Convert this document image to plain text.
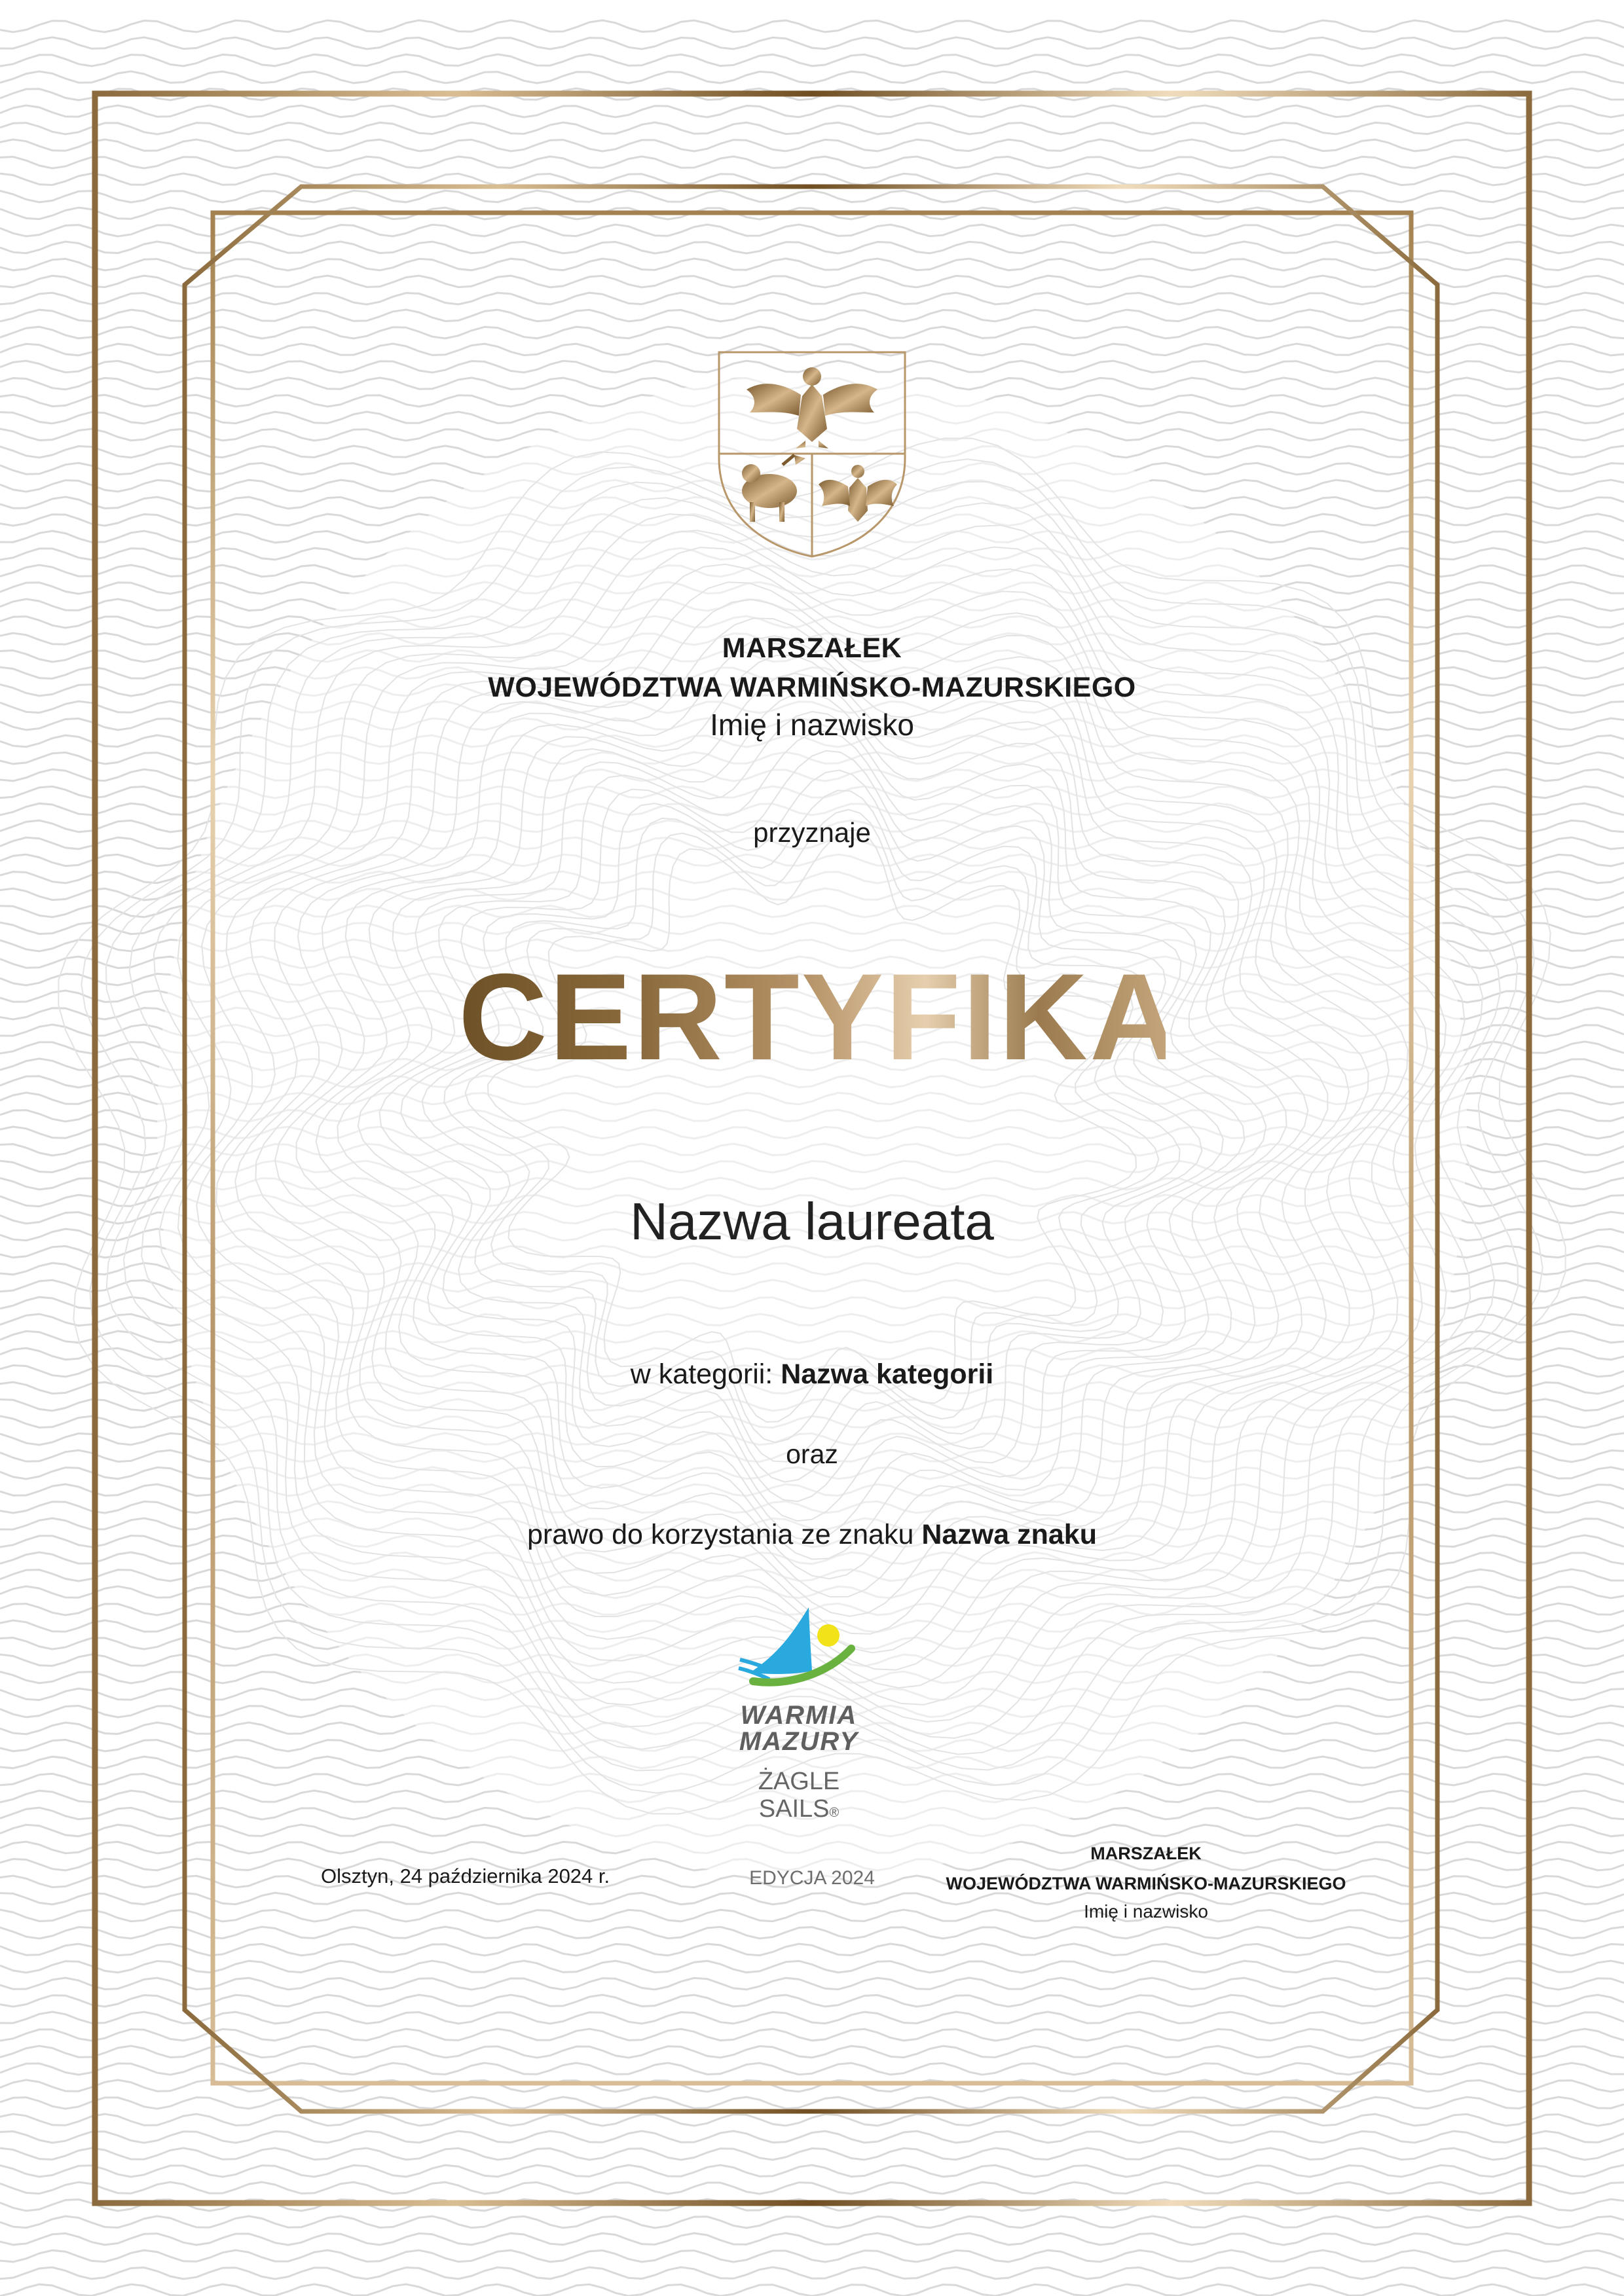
MARSZAŁEK
WOJEWÓDZTWA WARMIŃSKO-MAZURSKIEGO
Imię i nazwisko
przyznaje
CERTYFIKAT
Nazwa laureata
w kategorii: Nazwa kategorii
oraz
prawo do korzystania ze znaku Nazwa znaku
WARMIA
MAZURY
ŻAGLE
SAILS®
Olsztyn, 24 października 2024 r.	EDYCJA 2024
MARSZAŁEK
WOJEWÓDZTWA WARMIŃSKO-MAZURSKIEGO
Imię i nazwisko
